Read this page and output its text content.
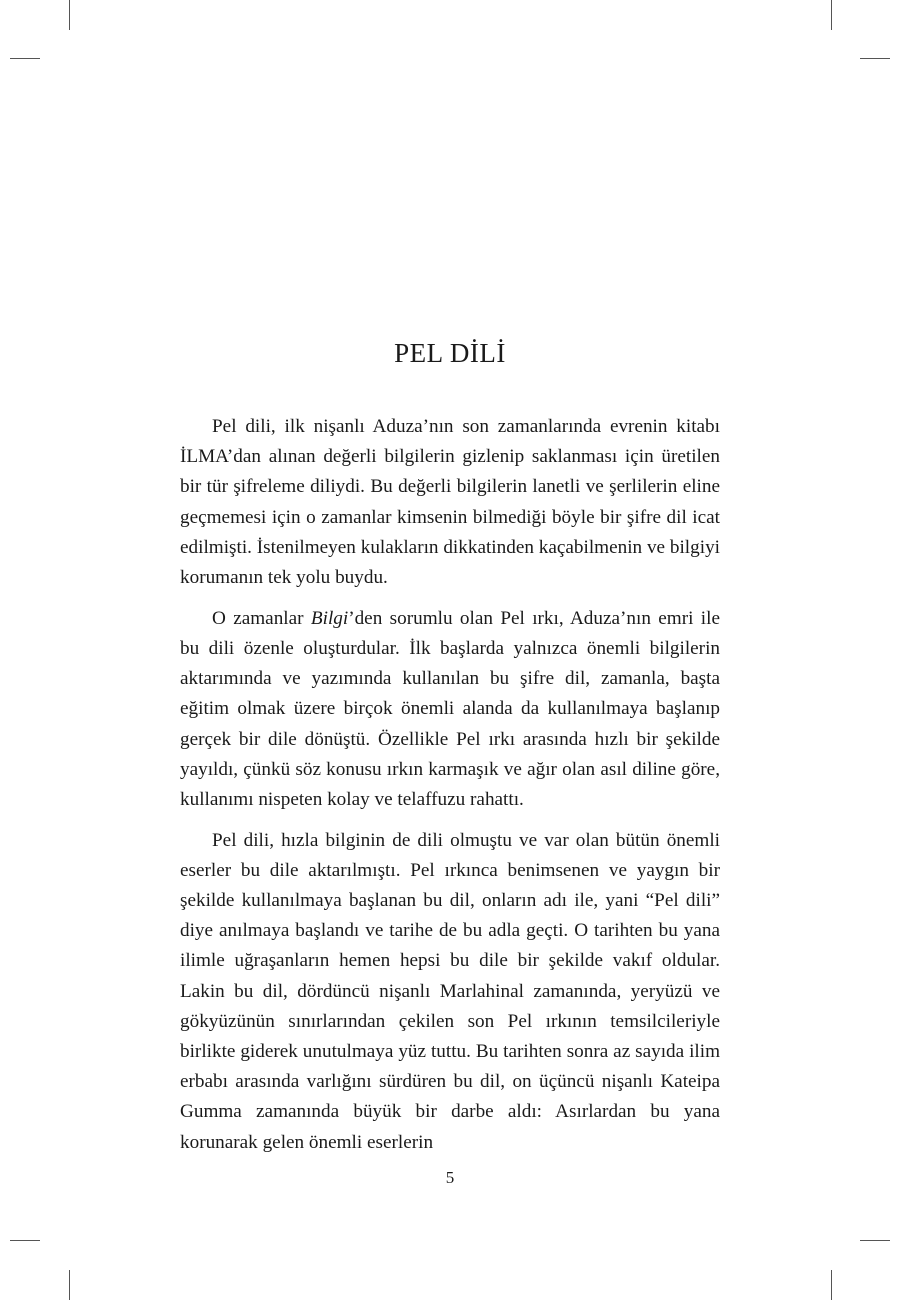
PEL DİLİ

Pel dili, ilk nişanlı Aduza’nın son zamanlarında evrenin kitabı İLMA’dan alınan değerli bilgilerin gizlenip saklanması için üretilen bir tür şifreleme diliydi. Bu değerli bilgilerin lanetli ve şerlilerin eline geçmemesi için o zamanlar kimsenin bilmediği böyle bir şifre dil icat edilmişti. İstenilmeyen kulakların dikkatinden kaçabilmenin ve bilgiyi korumanın tek yolu buydu.

O zamanlar Bilgi’den sorumlu olan Pel ırkı, Aduza’nın emri ile bu dili özenle oluşturdular. İlk başlarda yalnızca önemli bilgilerin aktarımında ve yazımında kullanılan bu şifre dil, zamanla, başta eğitim olmak üzere birçok önemli alanda da kullanılmaya başlanıp gerçek bir dile dönüştü. Özellikle Pel ırkı arasında hızlı bir şekilde yayıldı, çünkü söz konusu ırkın karmaşık ve ağır olan asıl diline göre, kullanımı nispeten kolay ve telaffuzu rahattı.

Pel dili, hızla bilginin de dili olmuştu ve var olan bütün önemli eserler bu dile aktarılmıştı. Pel ırkınca benimsenen ve yaygın bir şekilde kullanılmaya başlanan bu dil, onların adı ile, yani “Pel dili” diye anılmaya başlandı ve tarihe de bu adla geçti. O tarihten bu yana ilimle uğraşanların hemen hepsi bu dile bir şekilde vakıf oldular. Lakin bu dil, dördüncü nişanlı Marlahinal zamanında, yeryüzü ve gökyüzünün sınırlarından çekilen son Pel ırkının temsilcileriyle birlikte giderek unutulmaya yüz tuttu. Bu tarihten sonra az sayıda ilim erbabı arasında varlığını sürdüren bu dil, on üçüncü nişanlı Kateipa Gumma zamanında büyük bir darbe aldı: Asırlardan bu yana korunarak gelen önemli eserlerin

5
